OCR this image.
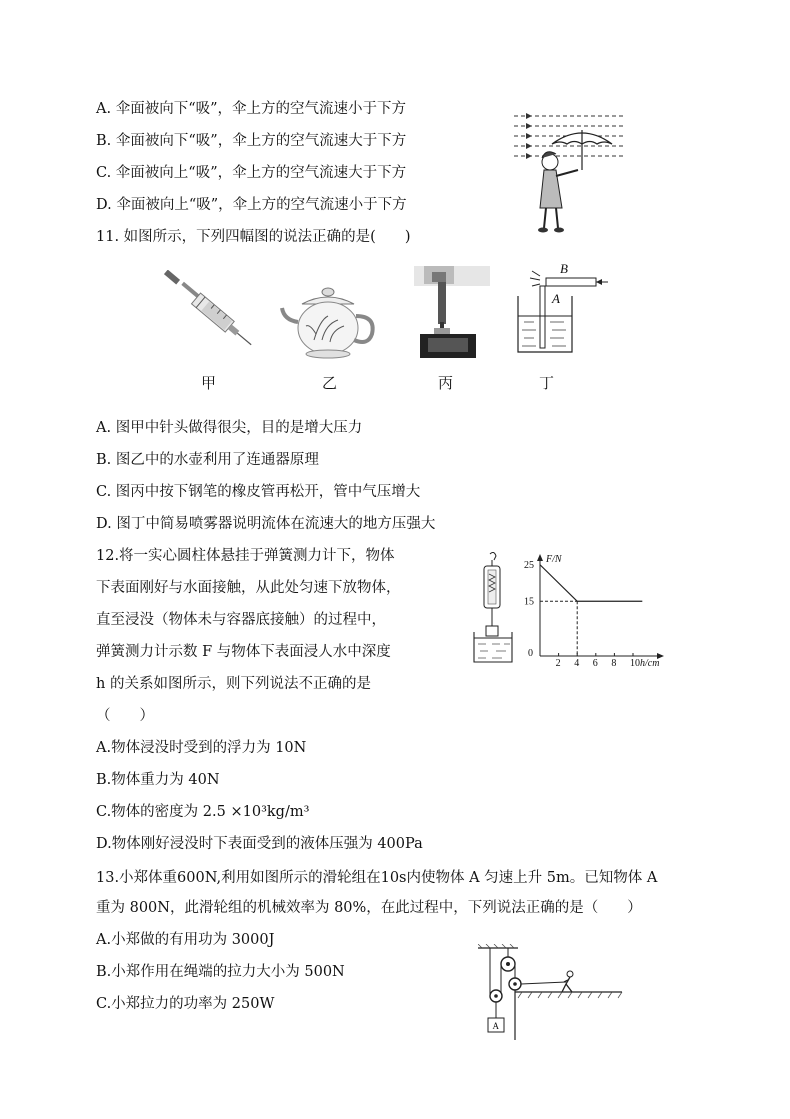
A. 伞面被向下“吸”，伞上方的空气流速小于下方
B. 伞面被向下“吸”，伞上方的空气流速大于下方
C. 伞面被向上“吸”，伞上方的空气流速大于下方
D. 伞面被向上“吸”，伞上方的空气流速小于下方
11. 如图所示，下列四幅图的说法正确的是(　　)
B
A
甲	乙	丙	丁
A. 图甲中针头做得很尖，目的是增大压力
B. 图乙中的水壶利用了连通器原理
C. 图丙中按下钢笔的橡皮管再松开，管中气压增大
D. 图丁中简易喷雾器说明流体在流速大的地方压强大
12.将一实心圆柱体悬挂于弹簧测力计下，物体
下表面刚好与水面接触，从此处匀速下放物体，
直至浸没（物体未与容器底接触）的过程中，
弹簧测力计示数 F 与物体下表面浸人水中深度
h 的关系如图所示，则下列说法不正确的是
（　　）
F/N
h/cm
2 4 6 8 10
0
15
25
A.物体浸没时受到的浮力为 10N
B.物体重力为 40N
C.物体的密度为 2.5 ×10³kg/m³
D.物体刚好浸没时下表面受到的液体压强为 400Pa
13.小郑体重600N,利用如图所示的滑轮组在10s内使物体 A 匀速上升 5m。已知物体 A
重为 800N，此滑轮组的机械效率为 80%，在此过程中，下列说法正确的是（　　）
A.小郑做的有用功为 3000J
B.小郑作用在绳端的拉力大小为 500N
C.小郑拉力的功率为 250W
A
